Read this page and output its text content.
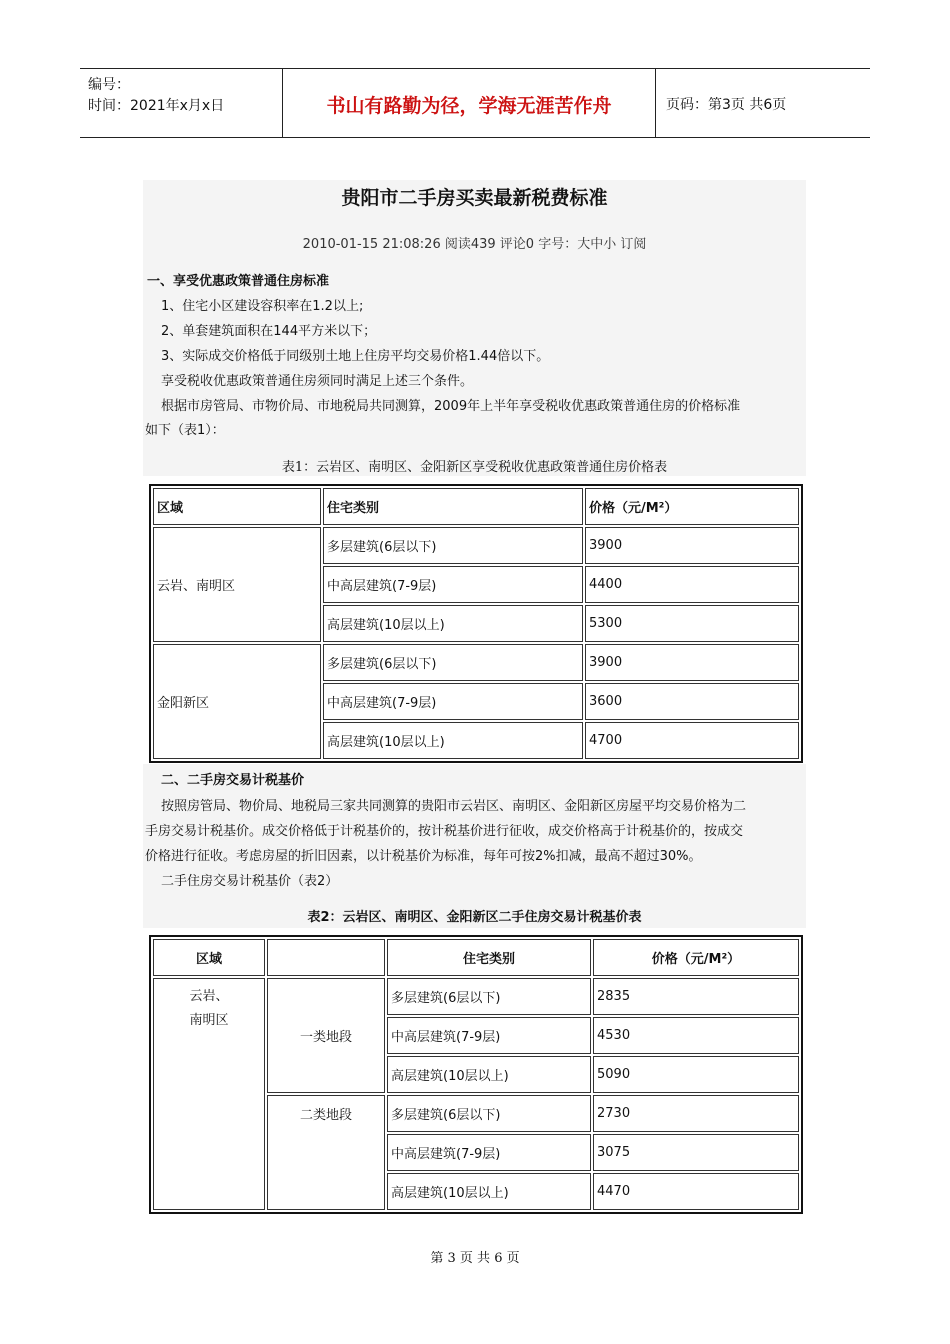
编号：
时间：2021年x月x日	书山有路勤为径，学海无涯苦作舟	页码：第3页 共6页
贵阳市二手房买卖最新税费标准
2010-01-15 21:08:26 阅读439 评论0 字号：大中小 订阅
一、享受优惠政策普通住房标准
1、住宅小区建设容积率在1.2以上;
2、单套建筑面积在144平方米以下；
3、实际成交价格低于同级别土地上住房平均交易价格1.44倍以下。
享受税收优惠政策普通住房须同时满足上述三个条件。
根据市房管局、市物价局、市地税局共同测算，2009年上半年享受税收优惠政策普通住房的价格标准
如下（表1）：
表1：云岩区、南明区、金阳新区享受税收优惠政策普通住房价格表
区域	住宅类别	价格（元/M²）
云岩、南明区	多层建筑(6层以下)	3900
	中高层建筑(7-9层)	4400
	高层建筑(10层以上)	5300
金阳新区	多层建筑(6层以下)	3900
	中高层建筑(7-9层)	3600
	高层建筑(10层以上)	4700
二、二手房交易计税基价
按照房管局、物价局、地税局三家共同测算的贵阳市云岩区、南明区、金阳新区房屋平均交易价格为二
手房交易计税基价。成交价格低于计税基价的，按计税基价进行征收，成交价格高于计税基价的，按成交
价格进行征收。考虑房屋的折旧因素，以计税基价为标准，每年可按2%扣减，最高不超过30%。
二手住房交易计税基价（表2）
表2：云岩区、南明区、金阳新区二手住房交易计税基价表
区域		住宅类别	价格（元/M²）

云岩、
南明区	一类地段	多层建筑(6层以下)	2835
		中高层建筑(7-9层)	4530
		高层建筑(10层以上)	5090
	二类地段	多层建筑(6层以下)	2730
		中高层建筑(7-9层)	3075
		高层建筑(10层以上)	4470
第 3 页 共 6 页
